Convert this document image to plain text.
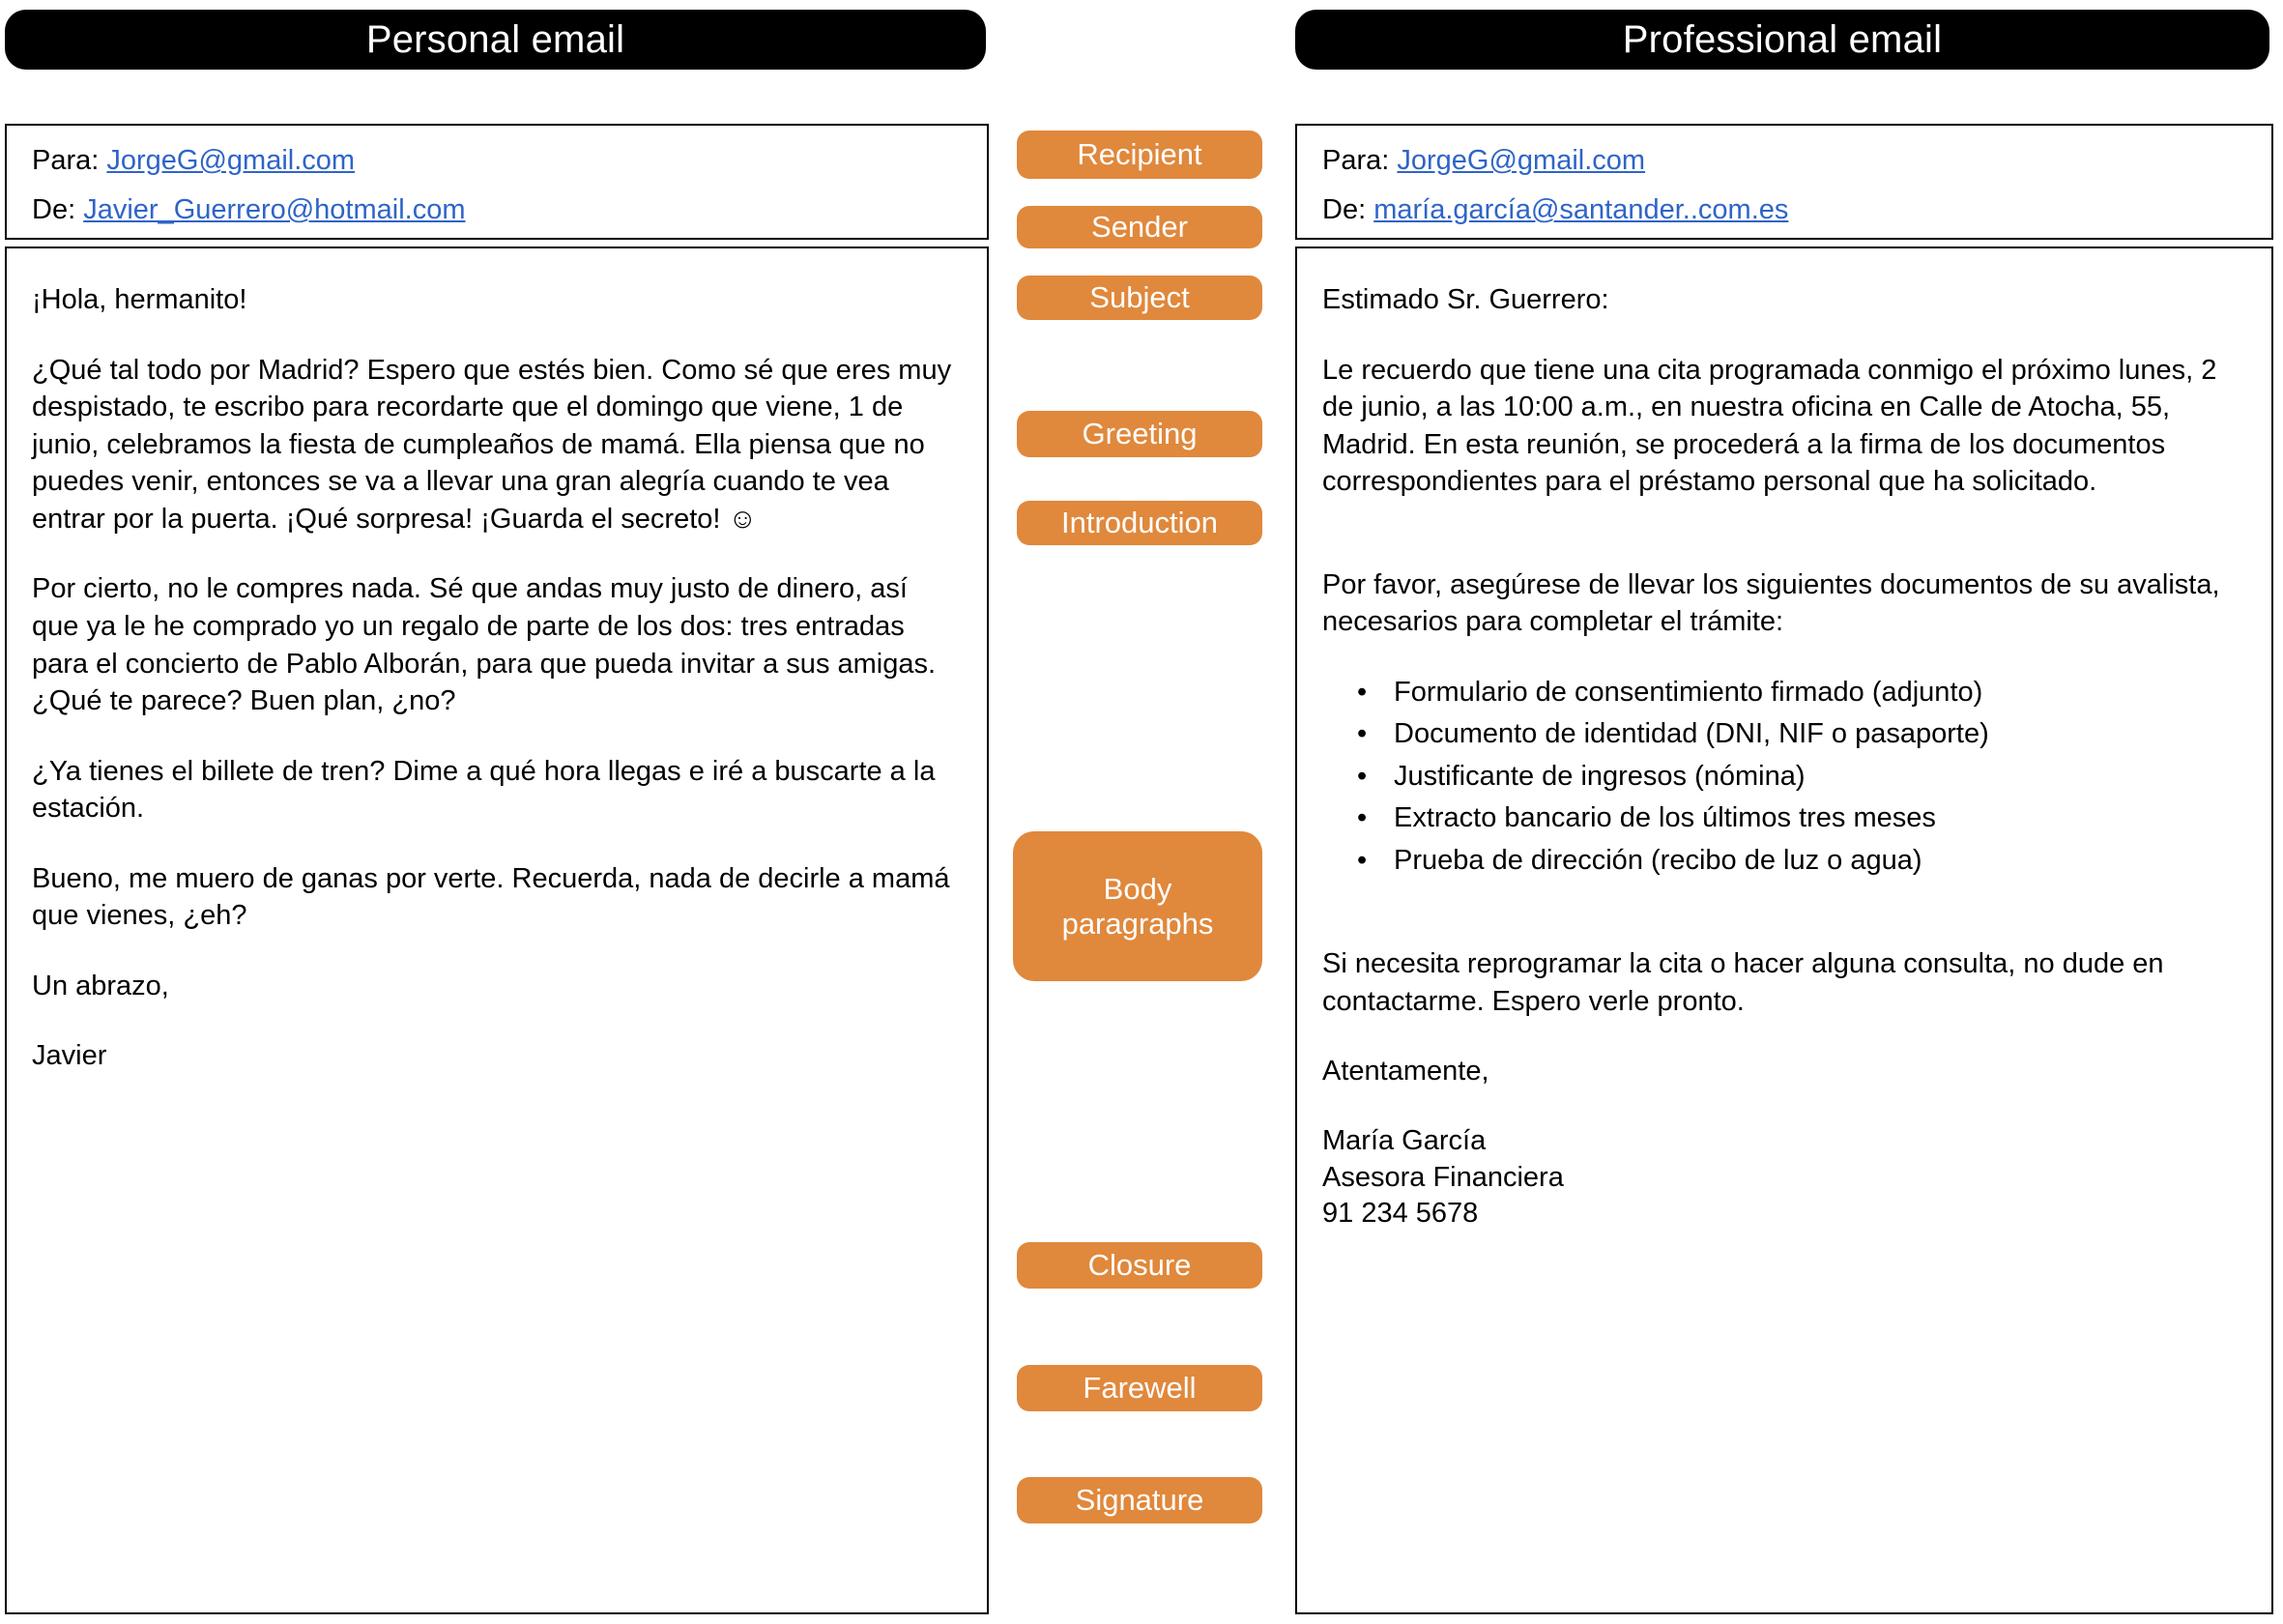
Personal email
Para: JorgeG@gmail.com
De: Javier_Guerrero@hotmail.com

¡Hola, hermanito!

¿Qué tal todo por Madrid? Espero que estés bien. Como sé que eres muy despistado, te escribo para recordarte que el domingo que viene, 1 de junio, celebramos la fiesta de cumpleaños de mamá. Ella piensa que no puedes venir, entonces se va a llevar una gran alegría cuando te vea entrar por la puerta. ¡Qué sorpresa! ¡Guarda el secreto! ☺

Por cierto, no le compres nada. Sé que andas muy justo de dinero, así que ya le he comprado yo un regalo de parte de los dos: tres entradas para el concierto de Pablo Alborán, para que pueda invitar a sus amigas. ¿Qué te parece? Buen plan, ¿no?

¿Ya tienes el billete de tren? Dime a qué hora llegas e iré a buscarte a la estación.

Bueno, me muero de ganas por verte. Recuerda, nada de decirle a mamá que vienes, ¿eh?

Un abrazo,

Javier

Recipient
Sender
Subject
Greeting
Introduction
Body
paragraphs
Closure
Farewell
Signature
Professional email
Para: JorgeG@gmail.com
De: maría.garcía@santander..com.es

Estimado Sr. Guerrero:

Le recuerdo que tiene una cita programada conmigo el próximo lunes, 2 de junio, a las 10:00 a.m., en nuestra oficina en Calle de Atocha, 55, Madrid. En esta reunión, se procederá a la firma de los documentos correspondientes para el préstamo personal que ha solicitado.

Por favor, asegúrese de llevar los siguientes documentos de su avalista, necesarios para completar el trámite:

• Formulario de consentimiento firmado (adjunto)
• Documento de identidad (DNI, NIF o pasaporte)
• Justificante de ingresos (nómina)
• Extracto bancario de los últimos tres meses
• Prueba de dirección (recibo de luz o agua)

Si necesita reprogramar la cita o hacer alguna consulta, no dude en contactarme. Espero verle pronto.

Atentamente,

María García

Asesora Financiera

91 234 5678
